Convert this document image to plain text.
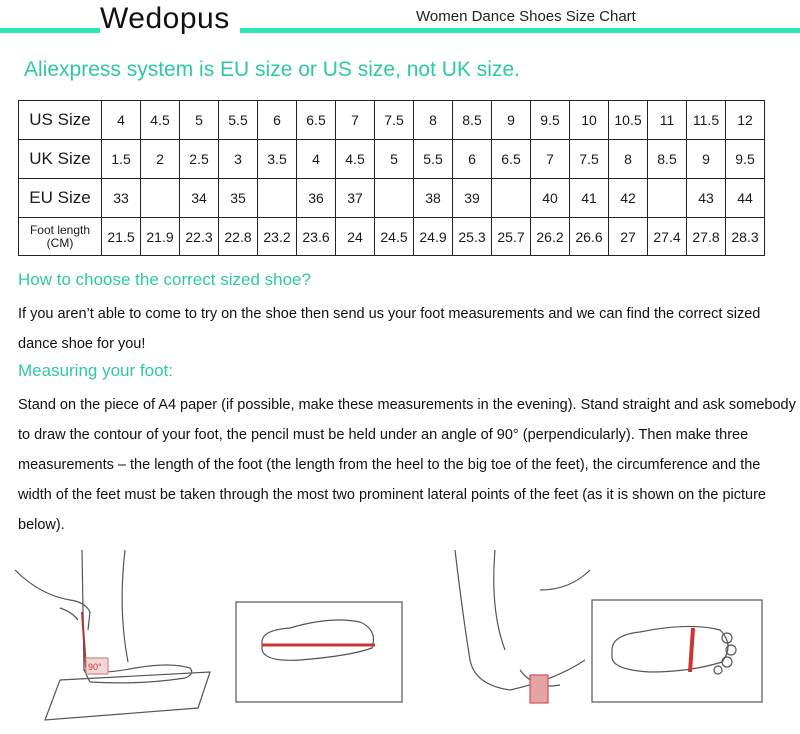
Wedopus	Women Dance Shoes Size Chart
Aliexpress system is EU size or US size, not UK size.
US Size	4	4.5	5	5.5	6	6.5	7	7.5	8	8.5	9	9.5	10	10.5	11	11.5	12
UK Size	1.5	2	2.5	3	3.5	4	4.5	5	5.5	6	6.5	7	7.5	8	8.5	9	9.5
EU Size	33		34	35		36	37		38	39		40	41	42		43	44

Foot length
(CM)	21.5	21.9	22.3	22.8	23.2	23.6	24	24.5	24.9	25.3	25.7	26.2	26.6	27	27.4	27.8	28.3
How to choose the correct sized shoe?
If you aren’t able to come to try on the shoe then send us your foot measurements and we can find the correct sized dance shoe for you!
Measuring your foot:
Stand on the piece of A4 paper (if possible, make these measurements in the evening). Stand straight and ask somebody to draw the contour of your foot, the pencil must be held under an angle of 90° (perpendicularly). Then make three measurements – the length of the foot (the length from the heel to the big toe of the feet), the circumference and the width of the feet must be taken through the most two prominent lateral points of the feet (as it is shown on the picture below).
90°
